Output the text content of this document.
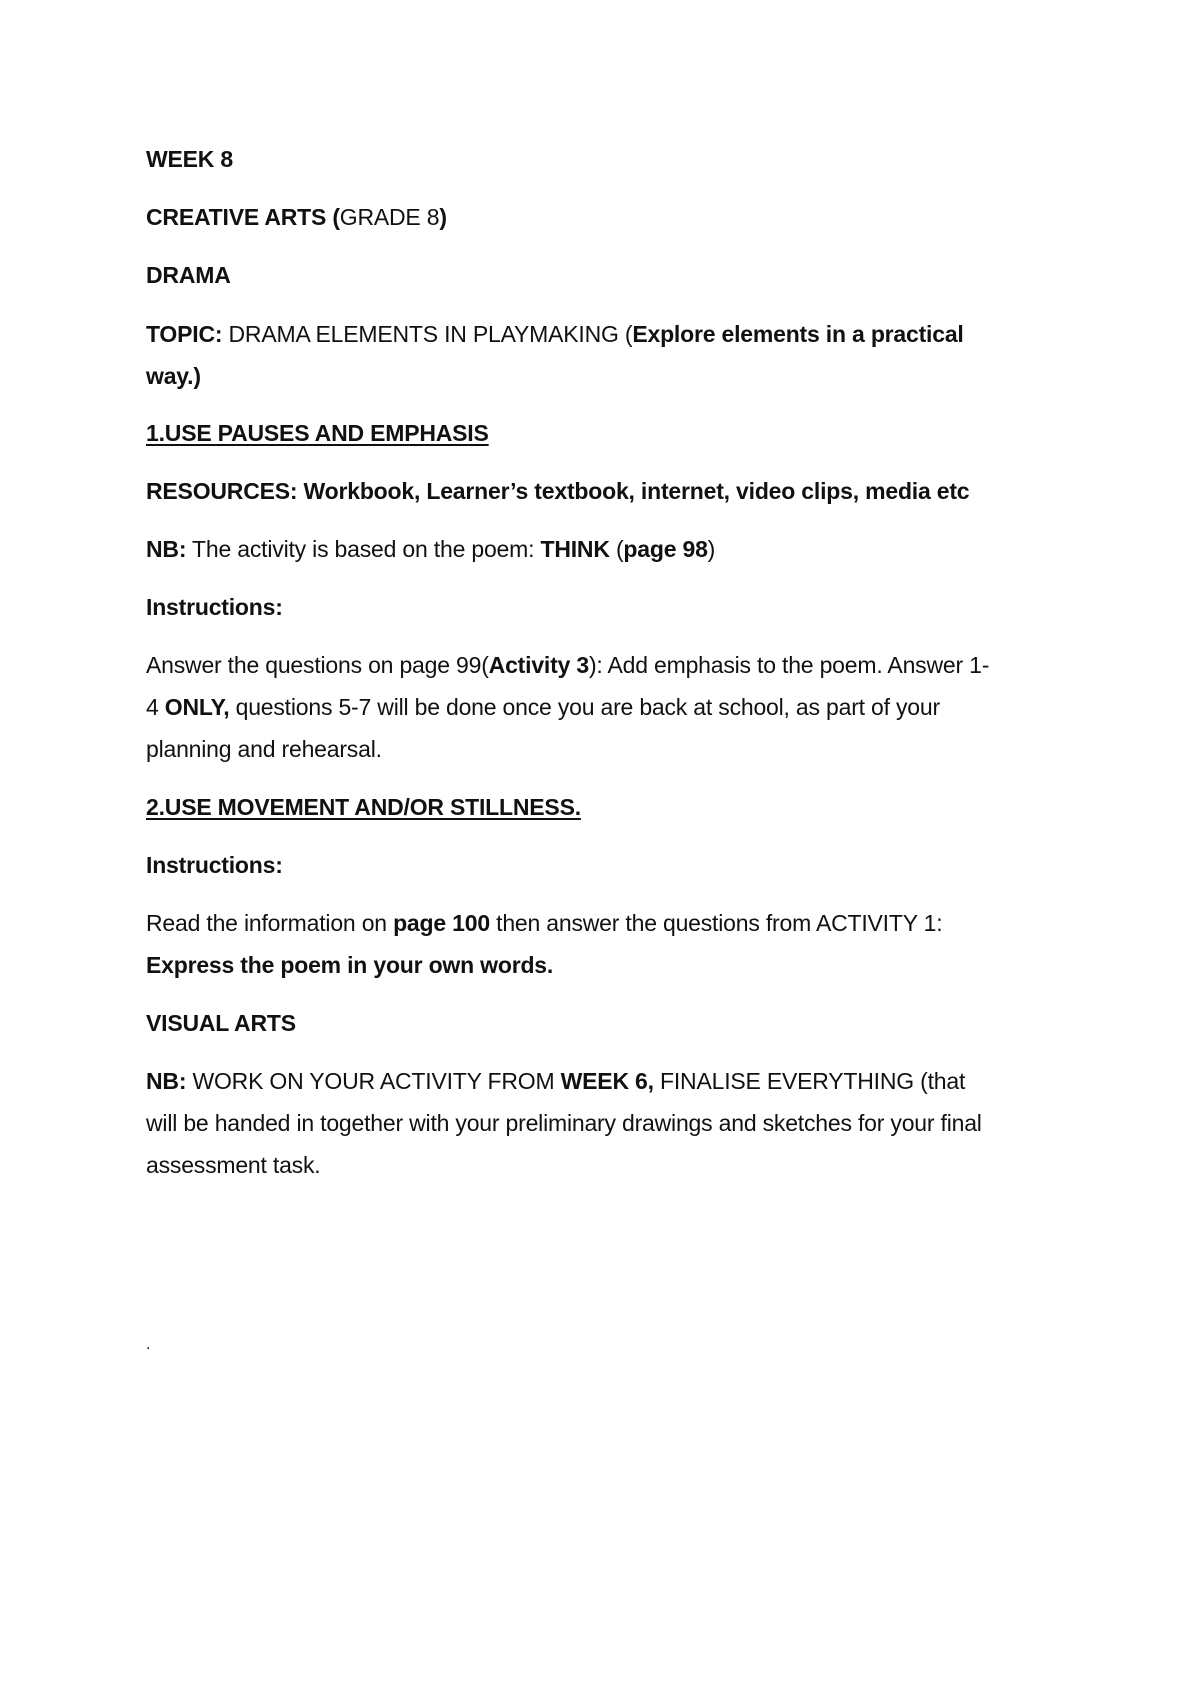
WEEK 8
CREATIVE ARTS (GRADE 8)
DRAMA
TOPIC: DRAMA ELEMENTS IN PLAYMAKING (Explore elements in a practical
way.)
1.USE PAUSES AND EMPHASIS
RESOURCES: Workbook, Learner’s textbook, internet, video clips, media etc
NB: The activity is based on the poem: THINK (page 98)
Instructions:
Answer the questions on page 99(Activity 3): Add emphasis to the poem. Answer 1-
4 ONLY, questions 5-7 will be done once you are back at school, as part of your
planning and rehearsal.
2.USE MOVEMENT AND/OR STILLNESS.
Instructions:
Read the information on page 100 then answer the questions from ACTIVITY 1:
Express the poem in your own words.
VISUAL ARTS
NB: WORK ON YOUR ACTIVITY FROM WEEK 6, FINALISE EVERYTHING (that
will be handed in together with your preliminary drawings and sketches for your final
assessment task.
.
